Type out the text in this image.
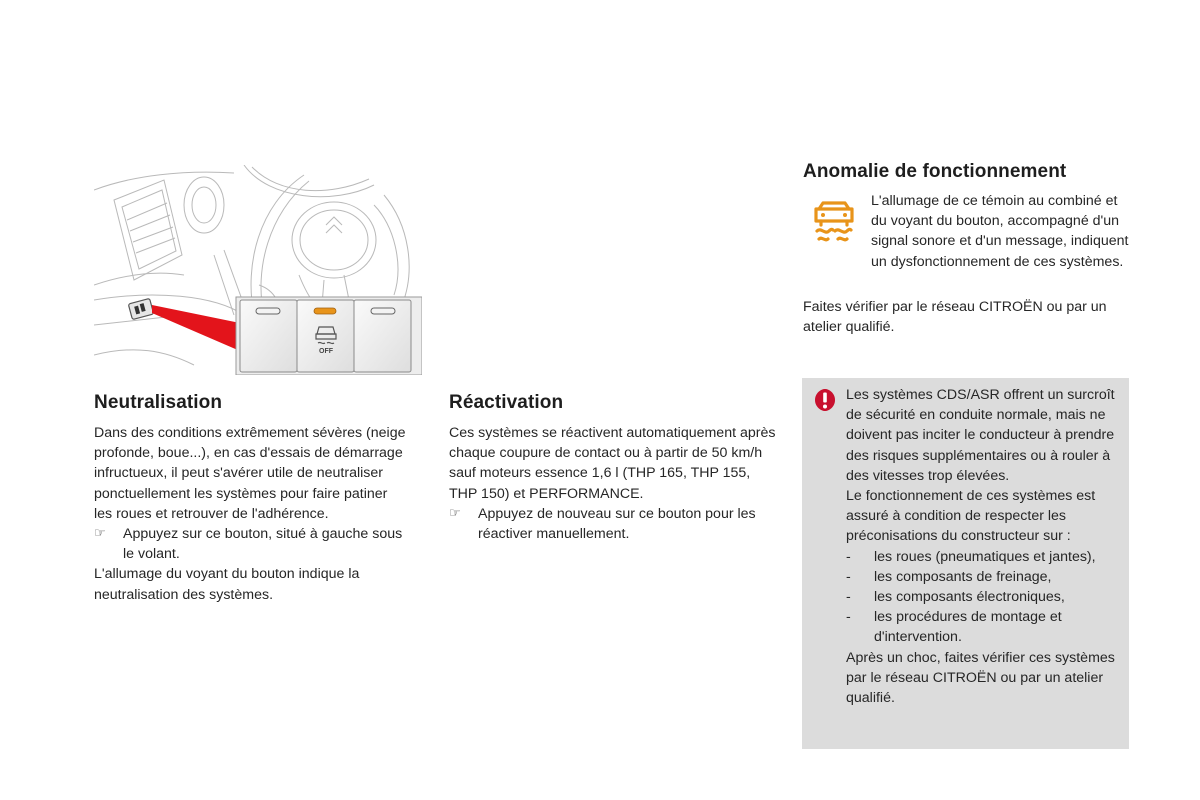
OFF
Neutralisation

Dans des conditions extrêmement sévères (neige profonde, boue...), en cas d'essais de démarrage infructueux, il peut s'avérer utile de neutraliser ponctuellement les systèmes pour faire patiner les roues et retrouver de l'adhérence.

☞	Appuyez sur ce bouton, situé à gauche sous le volant.

L'allumage du voyant du bouton indique la neutralisation des systèmes.

Réactivation

Ces systèmes se réactivent automatiquement après chaque coupure de contact ou à partir de 50 km/h sauf moteurs essence 1,6 l (THP 165, THP 155, THP 150) et PERFORMANCE.

☞	Appuyez de nouveau sur ce bouton pour les réactiver manuellement.
Anomalie de fonctionnement

L'allumage de ce témoin au combiné et du voyant du bouton, accompagné d'un signal sonore et d'un message, indiquent un dysfonctionnement de ces systèmes.

Faites vérifier par le réseau CITROËN ou par un atelier qualifié.

Les systèmes CDS/ASR offrent un surcroît de sécurité en conduite normale, mais ne doivent pas inciter le conducteur à prendre des risques supplémentaires ou à rouler à des vitesses trop élevées.

Le fonctionnement de ces systèmes est assuré à condition de respecter les préconisations du constructeur sur :

-	les roues (pneumatiques et jantes),
-	les composants de freinage,
-	les composants électroniques,
-	les procédures de montage et d'intervention.

Après un choc, faites vérifier ces systèmes par le réseau CITROËN ou par un atelier qualifié.
